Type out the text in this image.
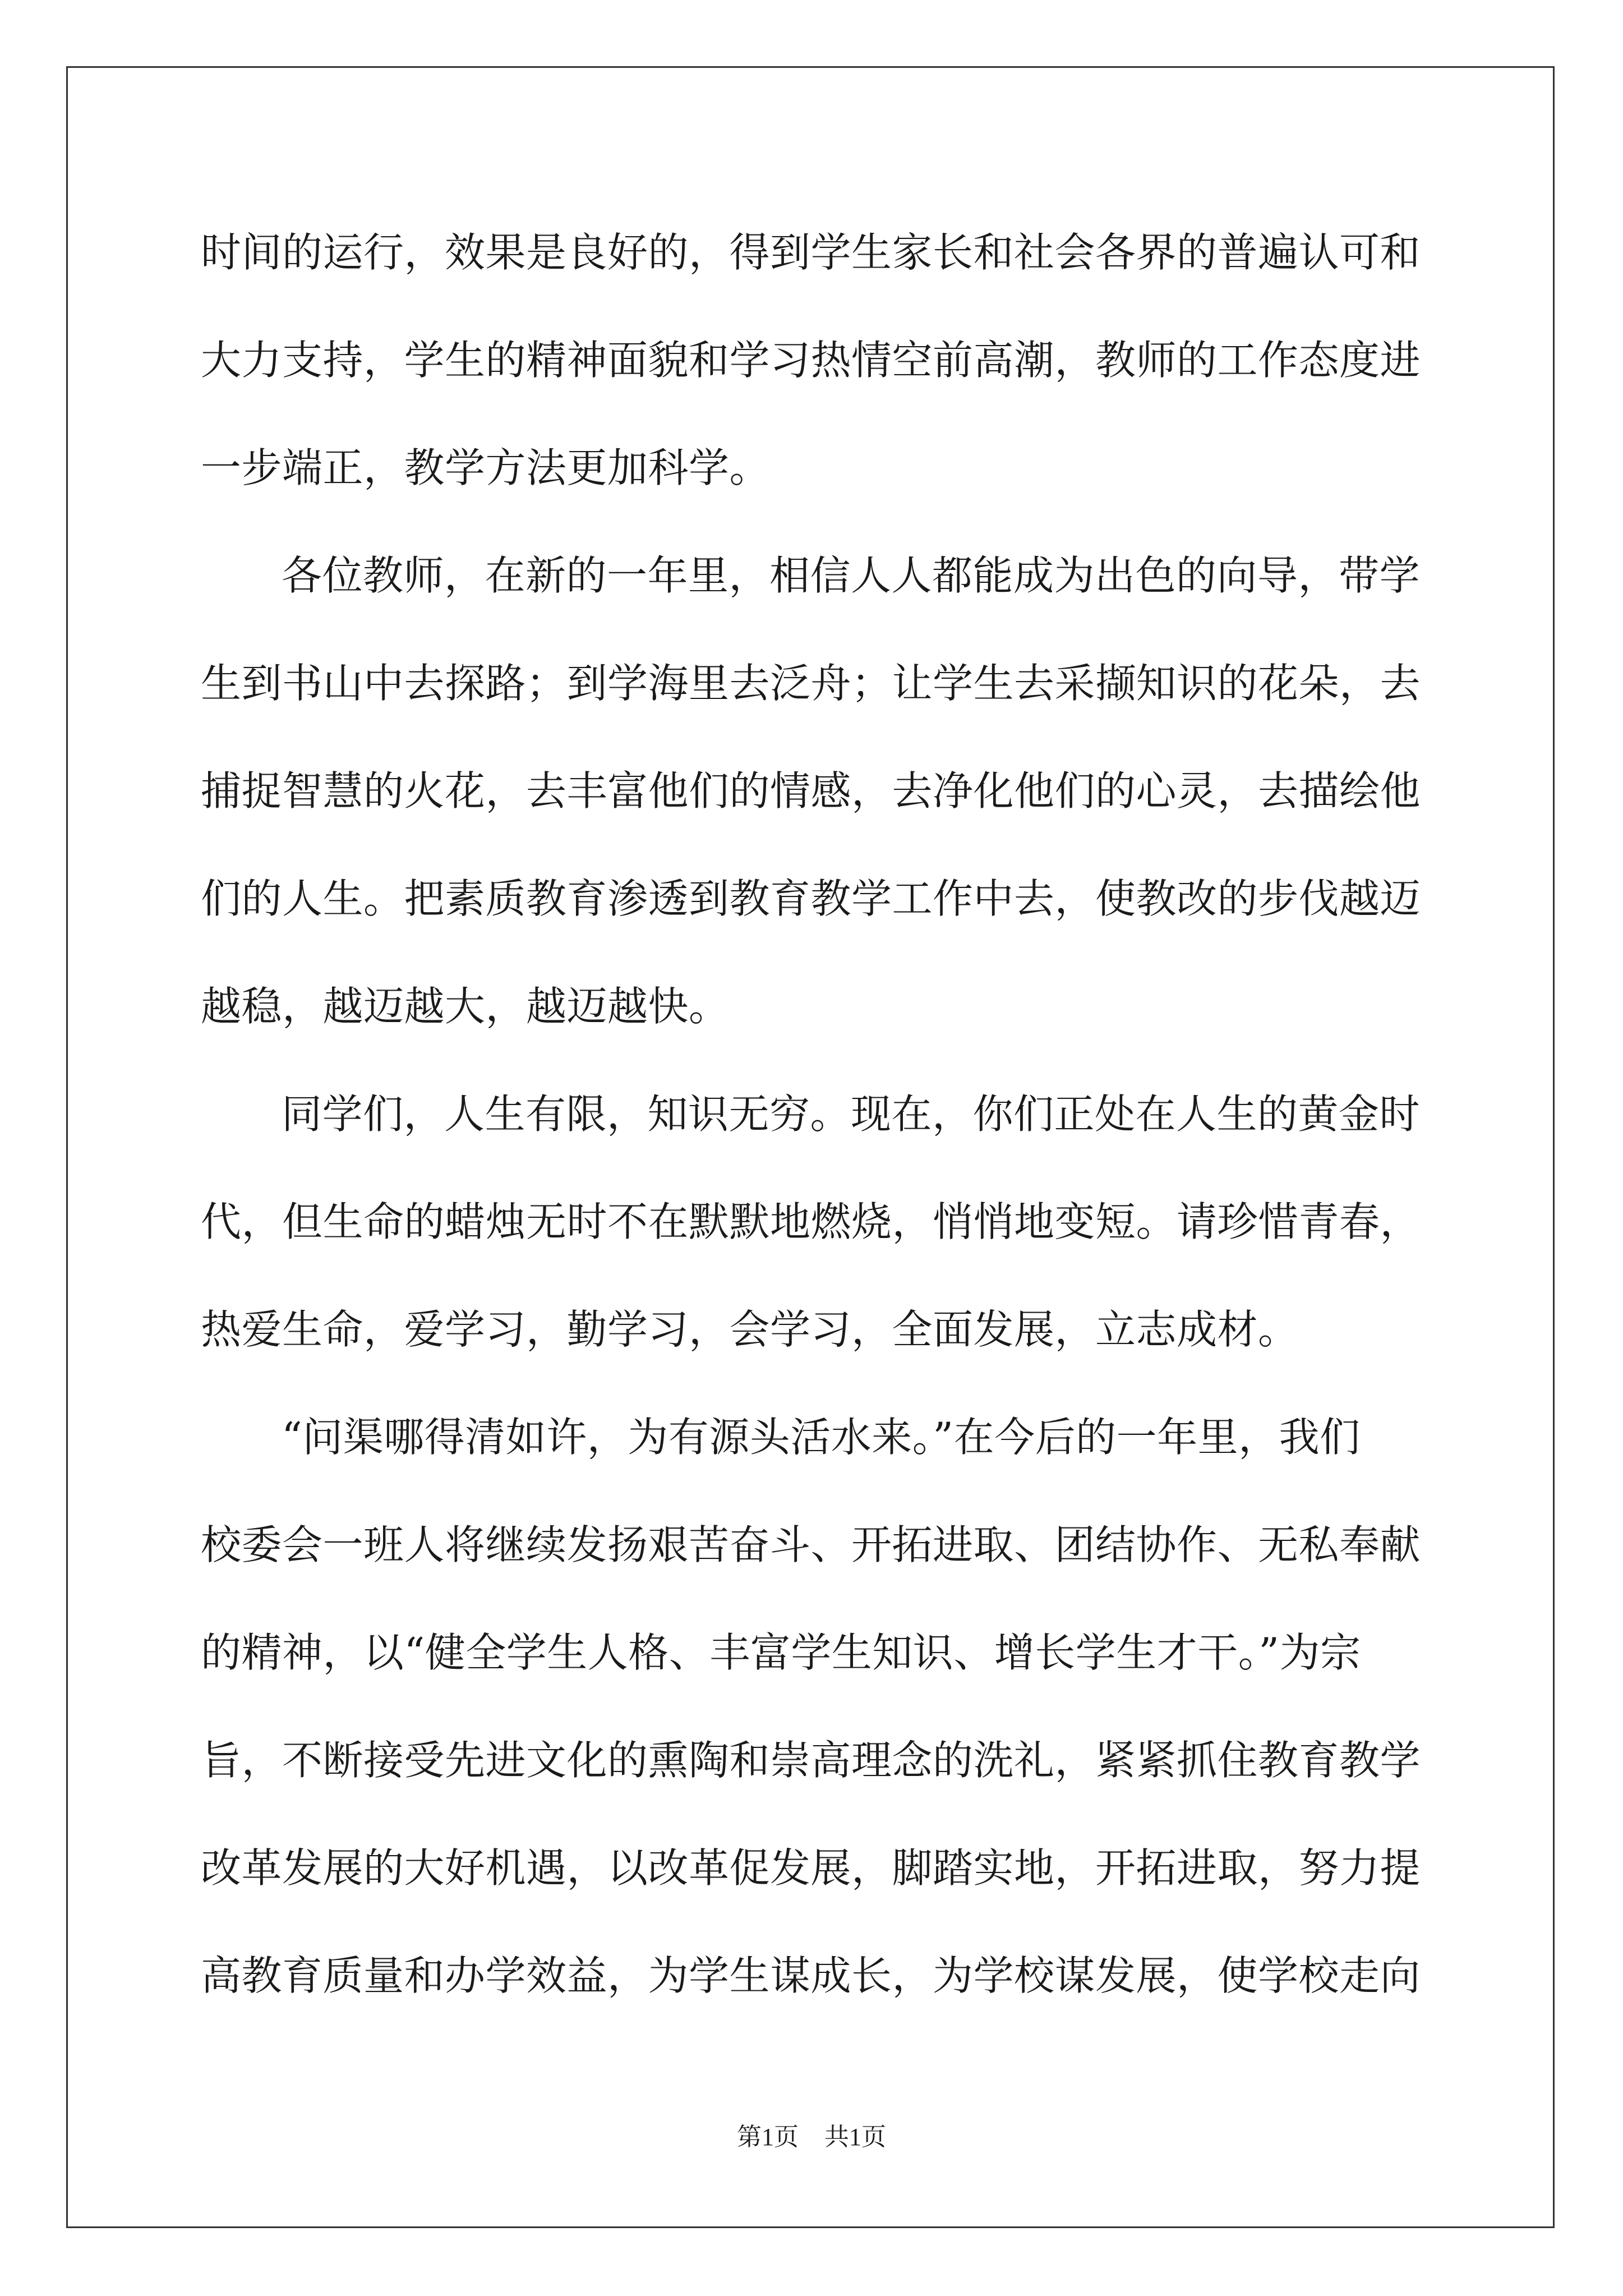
时间的运行，效果是良好的，得到学生家长和社会各界的普遍认可和
大力支持，学生的精神面貌和学习热情空前高潮，教师的工作态度进
一步端正，教学方法更加科学。
各位教师，在新的一年里，相信人人都能成为出色的向导，带学
生到书山中去探路；到学海里去泛舟；让学生去采撷知识的花朵，去
捕捉智慧的火花，去丰富他们的情感，去净化他们的心灵，去描绘他
们的人生。把素质教育渗透到教育教学工作中去，使教改的步伐越迈
越稳，越迈越大，越迈越快。
同学们，人生有限，知识无穷。现在，你们正处在人生的黄金时
代，但生命的蜡烛无时不在默默地燃烧，悄悄地变短。请珍惜青春，
热爱生命，爱学习，勤学习，会学习，全面发展，立志成材。
“问渠哪得清如许，为有源头活水来。”在今后的一年里，我们
校委会一班人将继续发扬艰苦奋斗、开拓进取、团结协作、无私奉献
的精神，以“健全学生人格、丰富学生知识、增长学生才干。”为宗
旨，不断接受先进文化的熏陶和崇高理念的洗礼，紧紧抓住教育教学
改革发展的大好机遇，以改革促发展，脚踏实地，开拓进取，努力提
高教育质量和办学效益，为学生谋成长，为学校谋发展，使学校走向
第1页 共1页
